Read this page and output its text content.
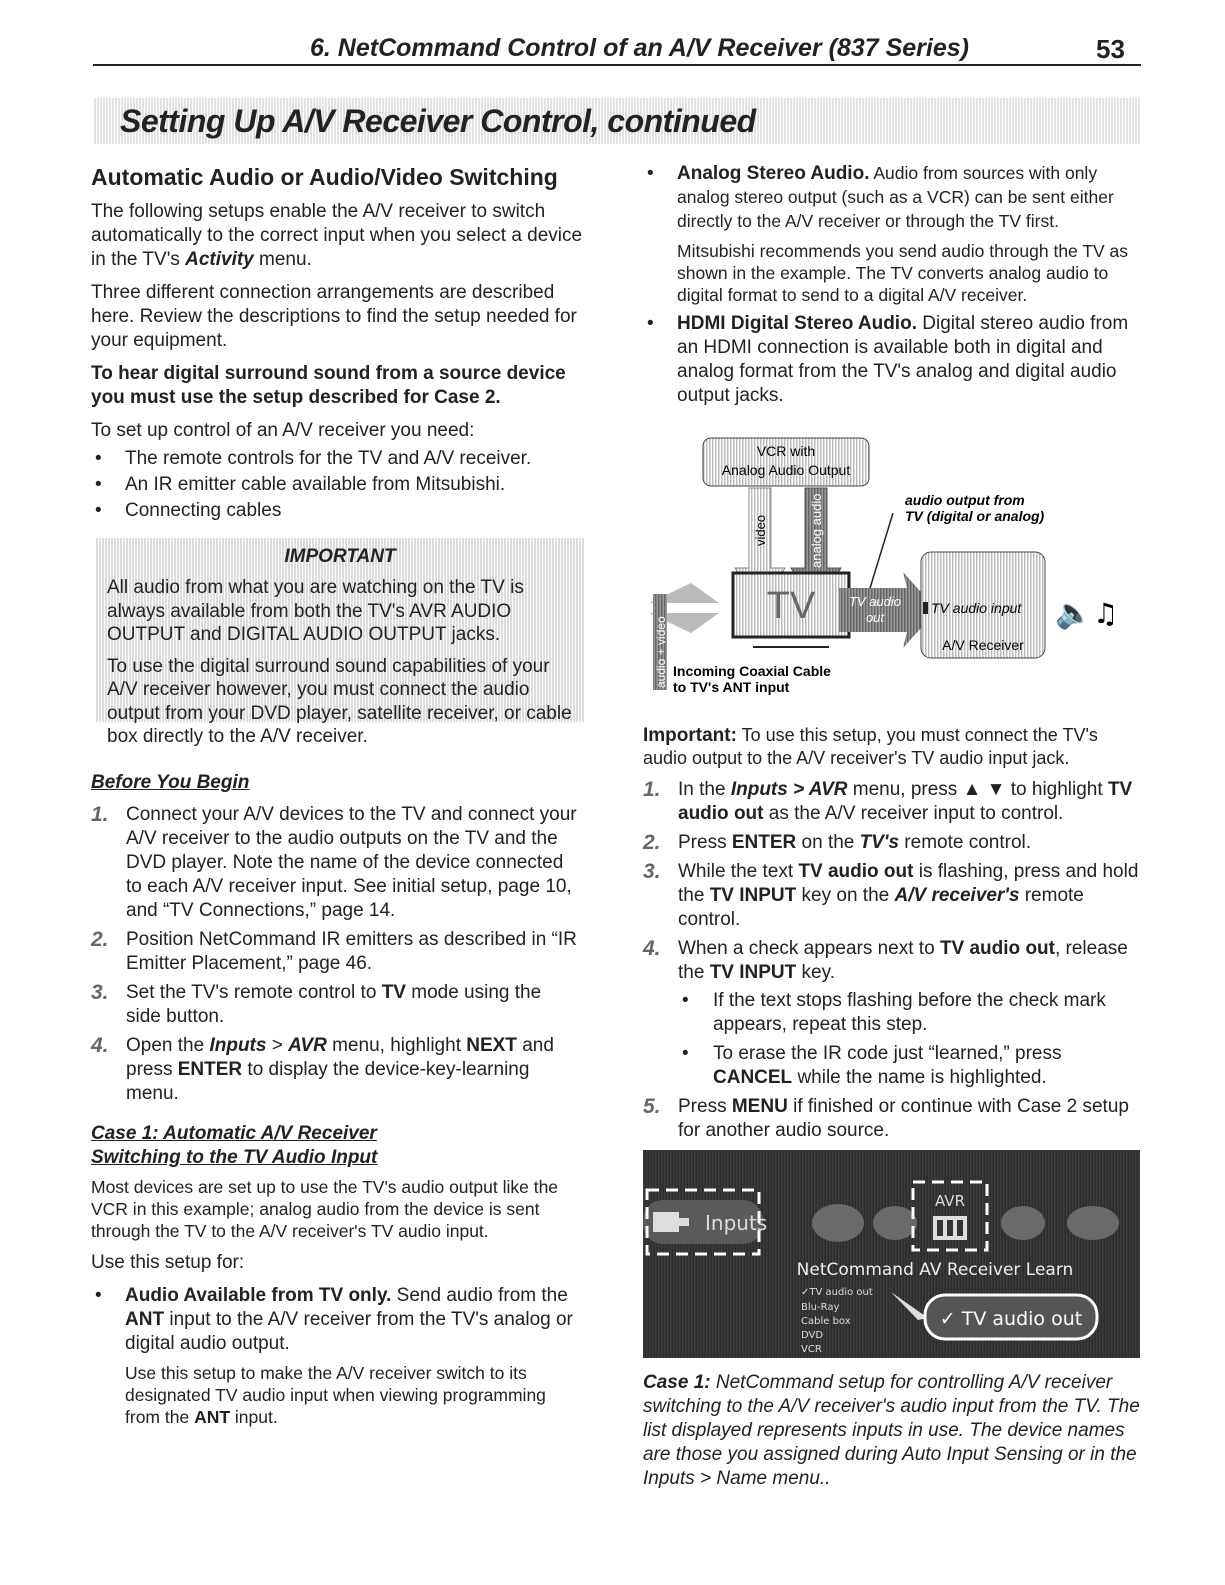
6. NetCommand Control of an A/V Receiver (837 Series)	53
Setting Up A/V Receiver Control, continued
Automatic Audio or Audio/Video Switching

The following setups enable the A/V receiver to switch automatically to the correct input when you select a device in the TV's Activity menu.

Three different connection arrangements are described here. Review the descriptions to find the setup needed for your equipment.

To hear digital surround sound from a source device you must use the setup described for Case 2.

To set up control of an A/V receiver you need:

• The remote controls for the TV and A/V receiver.
• An IR emitter cable available from Mitsubishi.
• Connecting cables
IMPORTANT

All audio from what you are watching on the TV is always available from both the TV's AVR AUDIO OUTPUT and DIGITAL AUDIO OUTPUT jacks.

To use the digital surround sound capabilities of your A/V receiver however, you must connect the audio output from your DVD player, satellite receiver, or cable box directly to the A/V receiver.

Before You Begin
1. Connect your A/V devices to the TV and connect your A/V receiver to the audio outputs on the TV and the DVD player. Note the name of the device connected to each A/V receiver input. See initial setup, page 10, and “TV Connections,” page 14.
2. Position NetCommand IR emitters as described in “IR Emitter Placement,” page 46.
3. Set the TV's remote control to TV mode using the side button.
4. Open the Inputs > AVR menu, highlight NEXT and press ENTER to display the device-key-learning menu.
Case 1: Automatic A/V Receiver
Switching to the TV Audio Input

Most devices are set up to use the TV's audio output like the VCR in this example; analog audio from the device is sent through the TV to the A/V receiver's TV audio input.

Use this setup for:

• Audio Available from TV only. Send audio from the ANT input to the A/V receiver from the TV's analog or digital audio output.
Use this setup to make the A/V receiver switch to its designated TV audio input when viewing programming from the ANT input.
• Analog Stereo Audio. Audio from sources with only analog stereo output (such as a VCR) can be sent either directly to the A/V receiver or through the TV first.
Mitsubishi recommends you send audio through the TV as shown in the example. The TV converts analog audio to digital format to send to a digital A/V receiver.
• HDMI Digital Stereo Audio. Digital stereo audio from an HDMI connection is available both in digital and analog format from the TV's analog and digital audio output jacks.
VCR with
Analog Audio Output
video	analog audio	audio output from
TV (digital or analog)
TV
audio + video
TV audio
out
TV audio input
A/V Receiver
🔈 ♫
Incoming Coaxial Cable
to TV's ANT input

Important: To use this setup, you must connect the TV's audio output to the A/V receiver's TV audio input jack.

1. In the Inputs > AVR menu, press ▲ ▼ to highlight TV audio out as the A/V receiver input to control.
2. Press ENTER on the TV's remote control.
3. While the text TV audio out is flashing, press and hold the TV INPUT key on the A/V receiver's remote control.
4. When a check appears next to TV audio out, release the TV INPUT key.
• If the text stops flashing before the check mark appears, repeat this step.
• To erase the IR code just “learned,” press CANCEL while the name is highlighted.
5. Press MENU if finished or continue with Case 2 setup for another audio source.
Inputs
AVR
NetCommand AV Receiver Learn
✓TV audio out
Blu-Ray
Cable box
DVD
VCR
✓ TV audio out
Case 1: NetCommand setup for controlling A/V receiver switching to the A/V receiver's audio input from the TV. The list displayed represents inputs in use. The device names are those you assigned during Auto Input Sensing or in the Inputs > Name menu..
